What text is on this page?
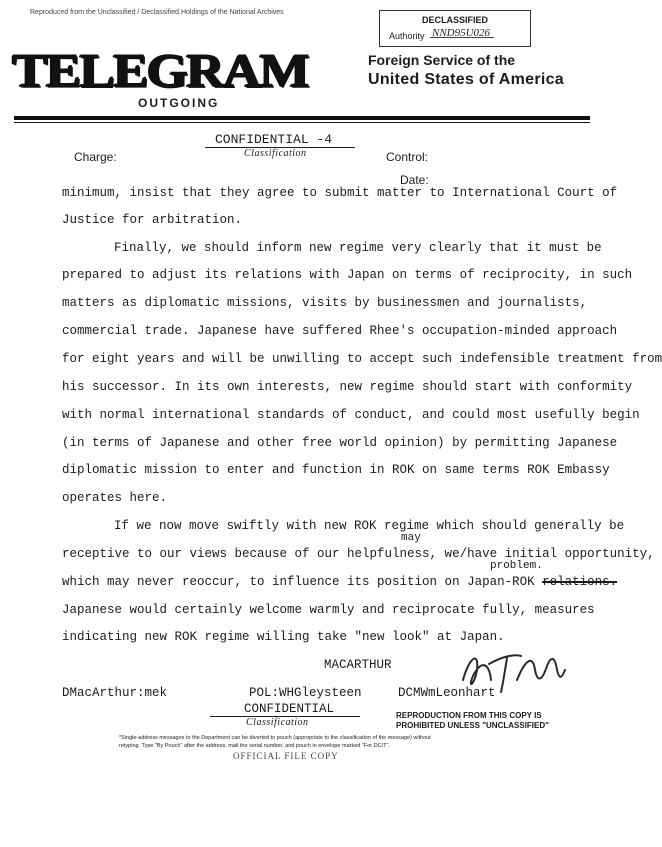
Reproduced from the Unclassified / Declassified Holdings of the National Archives
DECLASSIFIED
Authority NND95U026
TELEGRAM
OUTGOING
Foreign Service of the
United States of America
CONFIDENTIAL -4
Classification
Charge:	Control:
Date:
minimum, insist that they agree to submit matter to International Court of
Justice for arbitration.
Finally, we should inform new regime very clearly that it must be
prepared to adjust its relations with Japan on terms of reciprocity, in such
matters as diplomatic missions, visits by businessmen and journalists,
commercial trade. Japanese have suffered Rhee's occupation-minded approach
for eight years and will be unwilling to accept such indefensible treatment from
his successor. In its own interests, new regime should start with conformity
with normal international standards of conduct, and could most usefully begin
(in terms of Japanese and other free world opinion) by permitting Japanese
diplomatic mission to enter and function in ROK on same terms ROK Embassy
operates here.
If we now move swiftly with new ROK regime which should generally be
may
receptive to our views because of our helpfulness, we/have initial opportunity,
problem.
which may never reoccur, to influence its position on Japan-ROK relations.
Japanese would certainly welcome warmly and reciprocate fully, measures
indicating new ROK regime willing take "new look" at Japan.
MACARTHUR
DMacArthur:mek	POL:WHGleysteen	DCMWmLeonhart
CONFIDENTIAL
Classification
REPRODUCTION FROM THIS COPY IS
PROHIBITED UNLESS "UNCLASSIFIED"
*Single-address messages to the Department can be diverted to pouch (appropriate to the classification of the message) without
retyping. Type "By Pouch" after the address, mail the serial number, and pouch in envelope marked "For DC/T".
OFFICIAL FILE COPY
